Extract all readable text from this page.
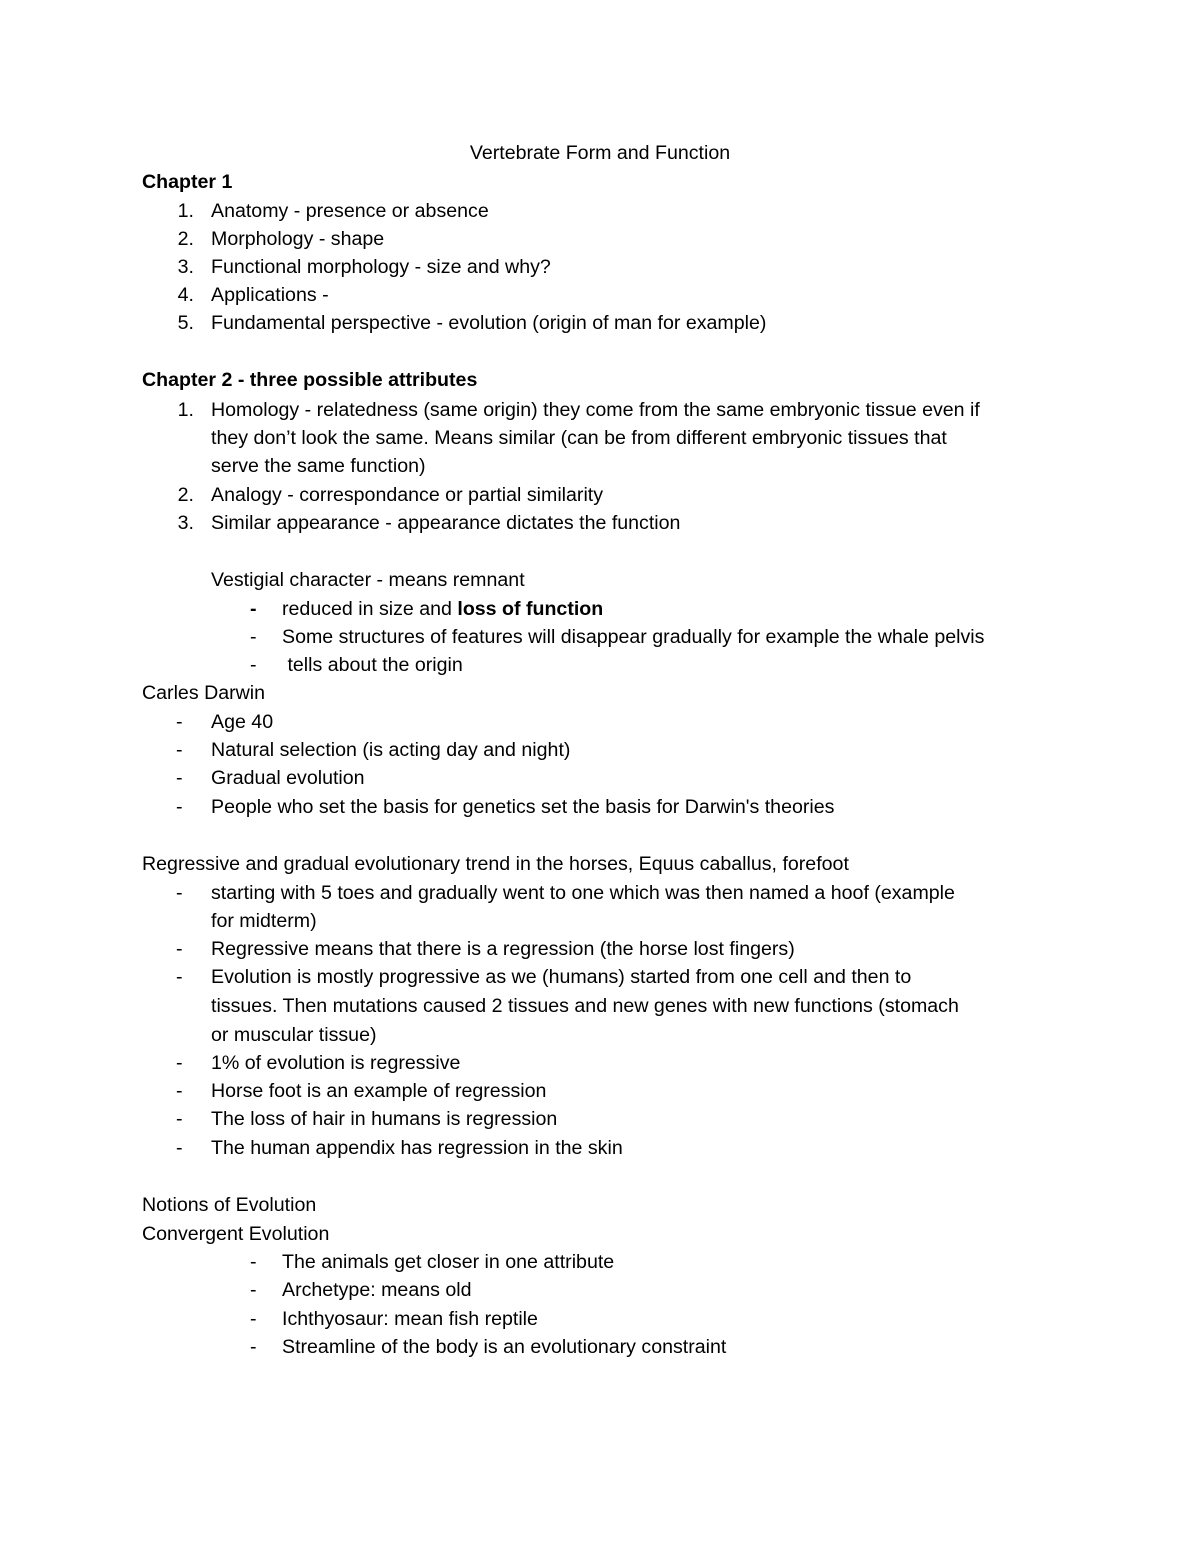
Vertebrate Form and Function
Chapter 1
1. Anatomy - presence or absence
2. Morphology - shape
3. Functional morphology - size and why?
4. Applications -
5. Fundamental perspective - evolution (origin of man for example)
Chapter 2 - three possible attributes
1. Homology - relatedness (same origin) they come from the same embryonic tissue even if
they don’t look the same. Means similar (can be from different embryonic tissues that
serve the same function)
2. Analogy - correspondance or partial similarity
3. Similar appearance - appearance dictates the function
Vestigial character - means remnant
- reduced in size and loss of function
- Some structures of features will disappear gradually for example the whale pelvis
- tells about the origin
Carles Darwin
- Age 40
- Natural selection (is acting day and night)
- Gradual evolution
- People who set the basis for genetics set the basis for Darwin's theories
Regressive and gradual evolutionary trend in the horses, Equus caballus, forefoot
- starting with 5 toes and gradually went to one which was then named a hoof (example
for midterm)
- Regressive means that there is a regression (the horse lost fingers)
- Evolution is mostly progressive as we (humans) started from one cell and then to
tissues. Then mutations caused 2 tissues and new genes with new functions (stomach
or muscular tissue)
- 1% of evolution is regressive
- Horse foot is an example of regression
- The loss of hair in humans is regression
- The human appendix has regression in the skin
Notions of Evolution
Convergent Evolution
- The animals get closer in one attribute
- Archetype: means old
- Ichthyosaur: mean fish reptile
- Streamline of the body is an evolutionary constraint
